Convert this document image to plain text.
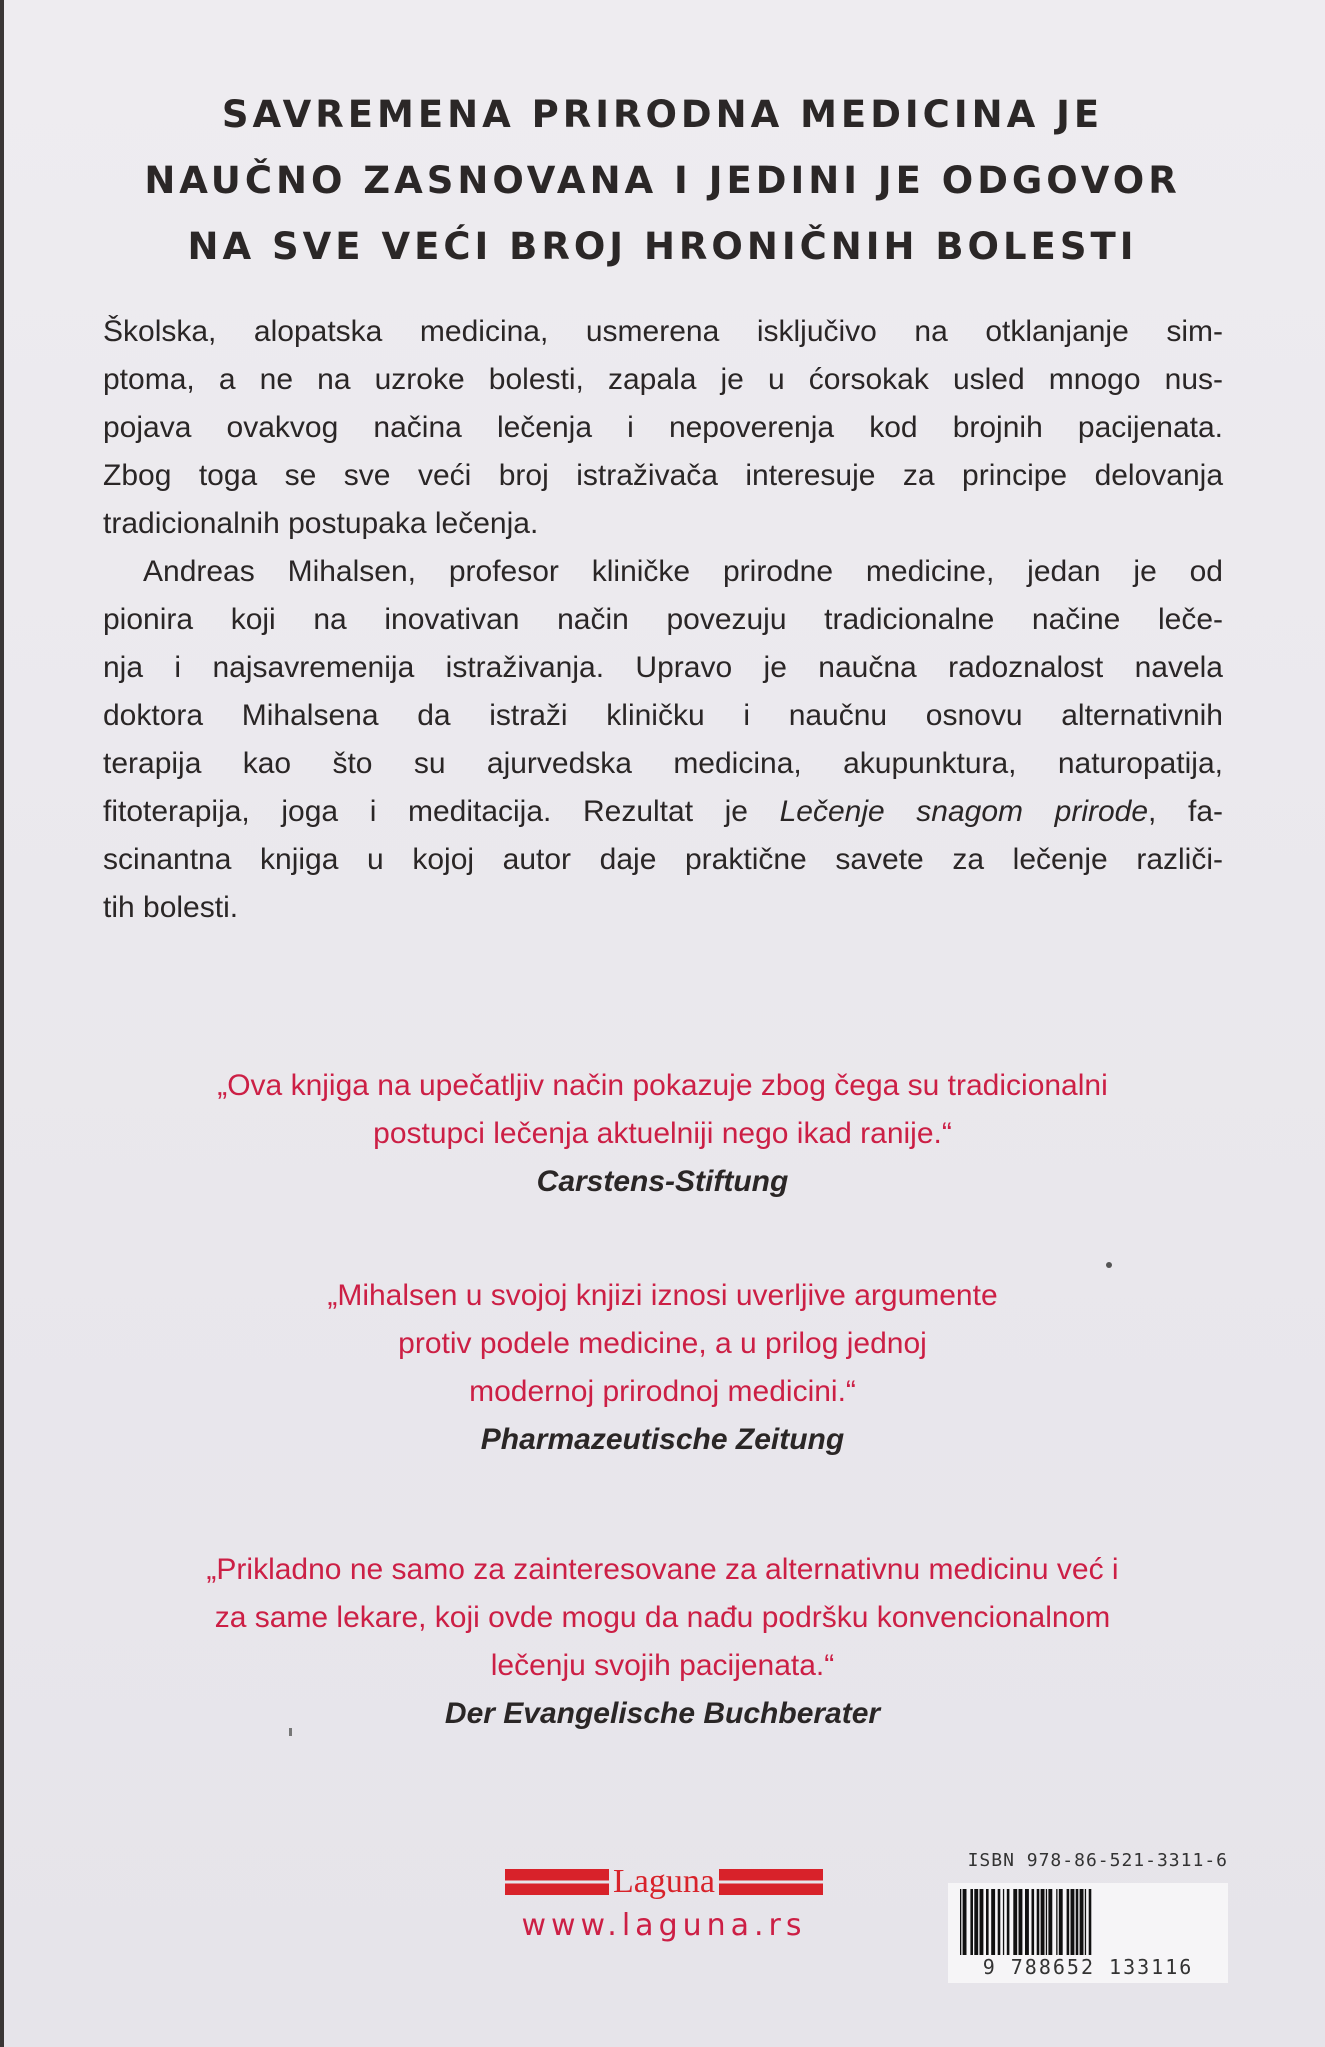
SAVREMENA PRIRODNA MEDICINA JE
NAUČNO ZASNOVANA I JEDINI JE ODGOVOR
NA SVE VEĆI BROJ HRONIČNIH BOLESTI
Školska, alopatska medicina, usmerena isključivo na otklanjanje sim-
ptoma, a ne na uzroke bolesti, zapala je u ćorsokak usled mnogo nus-
pojava ovakvog načina lečenja i nepoverenja kod brojnih pacijenata.
Zbog toga se sve veći broj istraživača interesuje za principe delovanja
tradicionalnih postupaka lečenja.
Andreas Mihalsen, profesor kliničke prirodne medicine, jedan je od
pionira koji na inovativan način povezuju tradicionalne načine leče-
nja i najsavremenija istraživanja. Upravo je naučna radoznalost navela
doktora Mihalsena da istraži kliničku i naučnu osnovu alternativnih
terapija kao što su ajurvedska medicina, akupunktura, naturopatija,
fitoterapija, joga i meditacija. Rezultat je Lečenje snagom prirode, fa-
scinantna knjiga u kojoj autor daje praktične savete za lečenje različi-
tih bolesti.
„Ova knjiga na upečatljiv način pokazuje zbog čega su tradicionalni
postupci lečenja aktuelniji nego ikad ranije.“
Carstens-Stiftung
„Mihalsen u svojoj knjizi iznosi uverljive argumente
protiv podele medicine, a u prilog jednoj
modernoj prirodnoj medicini.“
Pharmazeutische Zeitung
„Prikladno ne samo za zainteresovane za alternativnu medicinu već i
za same lekare, koji ovde mogu da nađu podršku konvencionalnom
lečenju svojih pacijenata.“
Der Evangelische Buchberater
Laguna
www.laguna.rs
ISBN 978-86-521-3311-6
9 788652 133116
